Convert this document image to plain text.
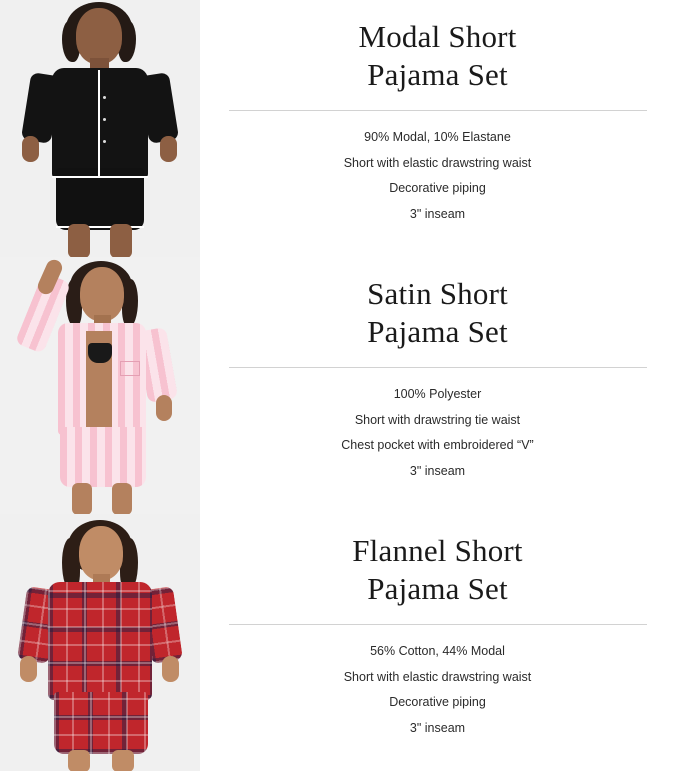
Modal Short
Pajama Set
90% Modal, 10% Elastane
Short with elastic drawstring waist
Decorative piping
3" inseam
Satin Short
Pajama Set
100% Polyester
Short with drawstring tie waist
Chest pocket with embroidered “V”
3" inseam
Flannel Short
Pajama Set
56% Cotton, 44% Modal
Short with elastic drawstring waist
Decorative piping
3" inseam
